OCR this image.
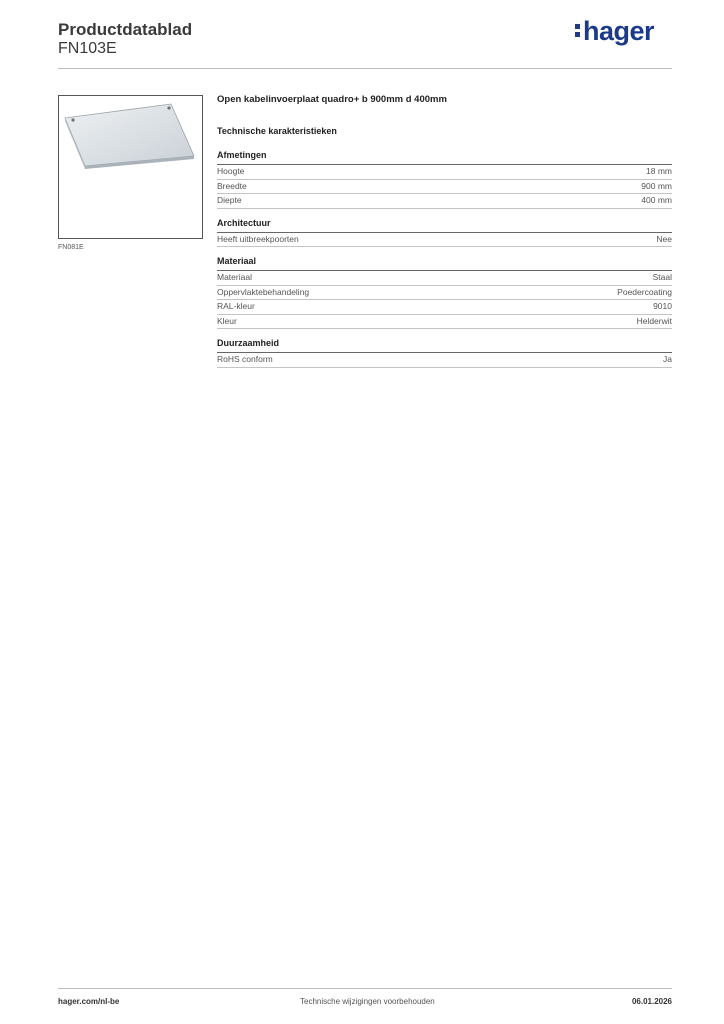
Productdatablad
FN103E
hager
FN081E
Open kabelinvoerplaat quadro+ b 900mm d 400mm
Technische karakteristieken
Afmetingen
Hoogte	18 mm
Breedte	900 mm
Diepte	400 mm
Architectuur
Heeft uitbreekpoorten	Nee
Materiaal
Materiaal	Staal
Oppervlaktebehandeling	Poedercoating
RAL-kleur	9010
Kleur	Helderwit
Duurzaamheid
RoHS conform	Ja
hager.com/nl-be	Technische wijzigingen voorbehouden	06.01.2026
